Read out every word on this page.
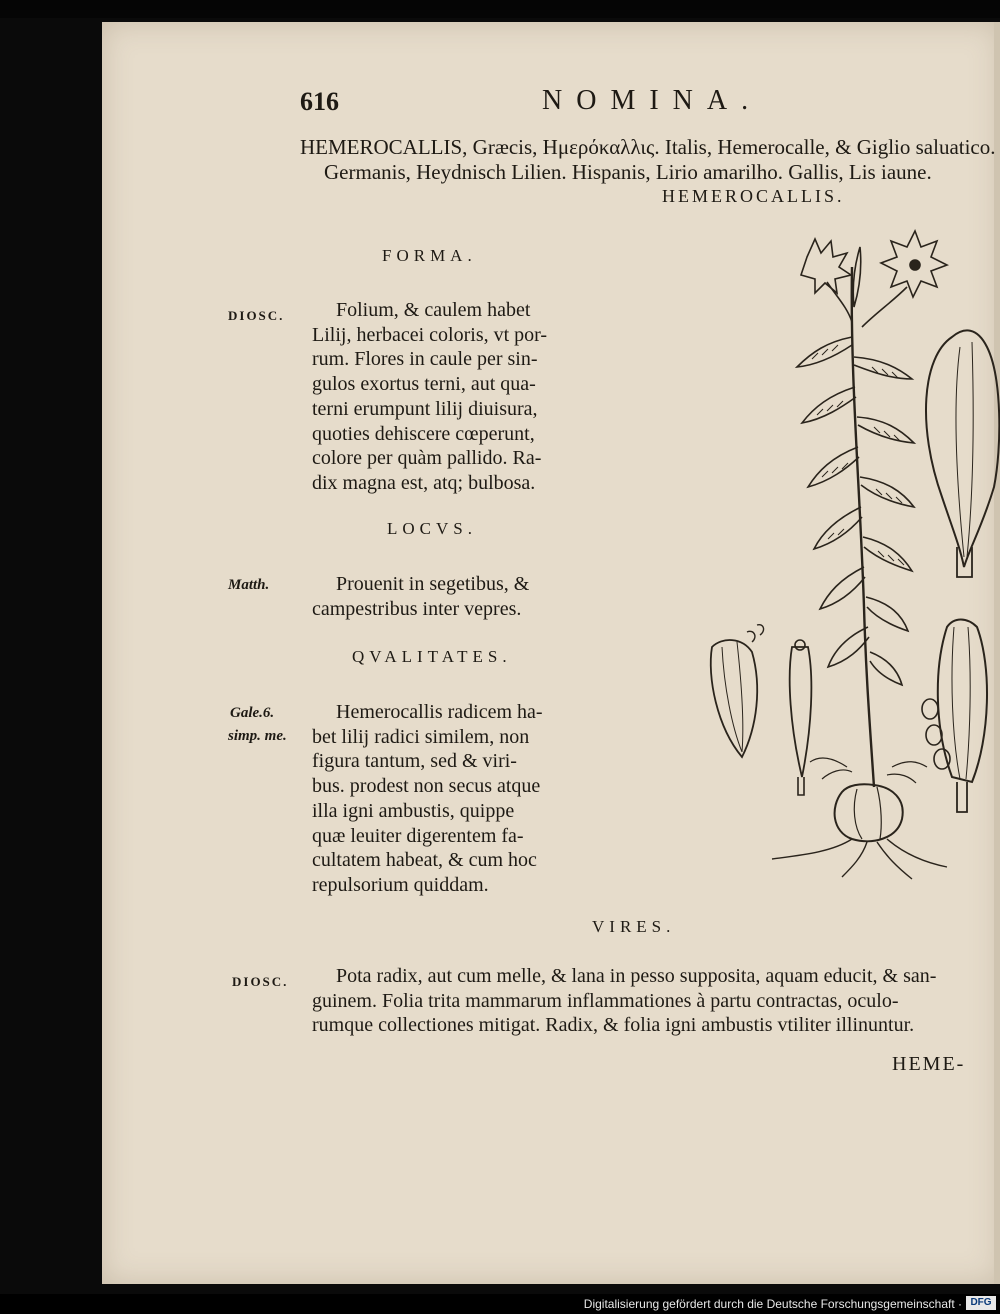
616	NOMINA.
HEMEROCALLIS, Græcis, Ημερόκαλλις. Italis, Hemerocalle, & Giglio saluatico.
Germanis, Heydnisch Lilien. Hispanis, Lirio amarilho. Gallis, Lis iaune.
HEMEROCALLIS.
FORMA.
DIOSC.	Folium, & caulem habet
Lilij, herbacei coloris, vt por-
rum. Flores in caule per sin-
gulos exortus terni, aut qua-
terni erumpunt lilij diuisura,
quoties dehiscere cœperunt,
colore per quàm pallido. Ra-
dix magna est, atq; bulbosa.
LOCVS.
Matth.	Prouenit in segetibus, &
campestribus inter vepres.
QVALITATES.
Gale.6.
simp. me.
Hemerocallis radicem ha-
bet lilij radici similem, non
figura tantum, sed & viri-
bus. prodest non secus atque
illa igni ambustis, quippe
quæ leuiter digerentem fa-
cultatem habeat, & cum hoc
repulsorium quiddam.
VIRES.
DIOSC.	Pota radix, aut cum melle, & lana in pesso supposita, aquam educit, & san-
guinem. Folia trita mammarum inflammationes à partu contractas, oculo-
rumque collectiones mitigat. Radix, & folia igni ambustis vtiliter illinuntur.
HEME-
Digitalisierung gefördert durch die Deutsche Forschungsgemeinschaft · DFG
